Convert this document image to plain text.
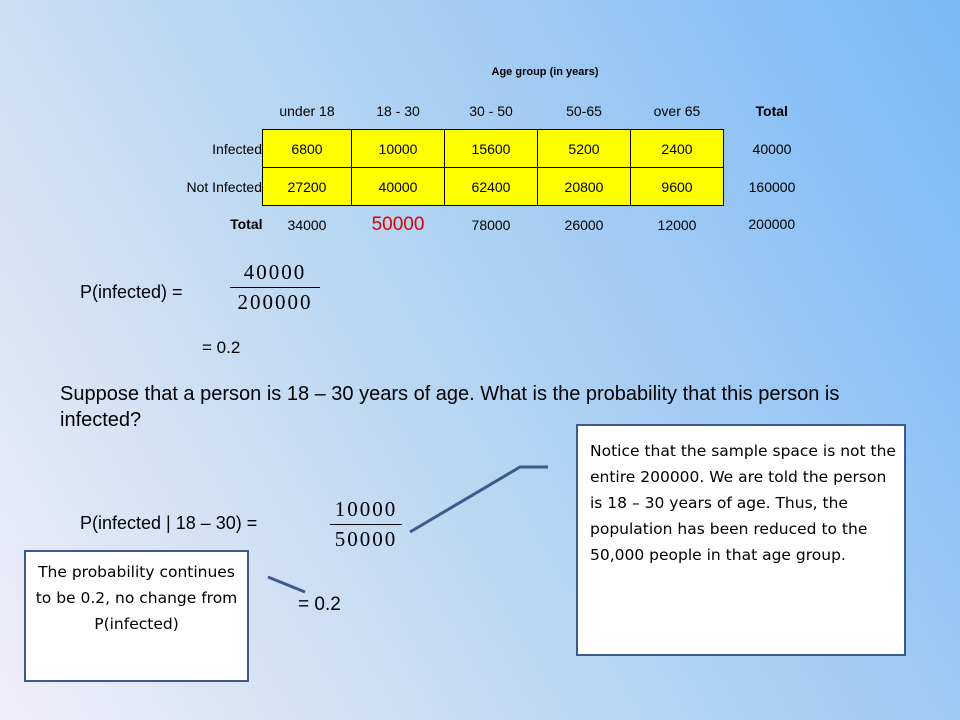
Age group (in years)
	under 18	18 - 30	30 - 50	50-65	over 65	Total
Infected	6800	10000	15600	5200	2400	40000
Not Infected	27200	40000	62400	20800	9600	160000
Total	34000	50000	78000	26000	12000	200000
P(infected) =
40000
200000
= 0.2
Suppose that a person is 18 – 30 years of age. What is the probability that this person is infected?
P(infected | 18 – 30) =
10000
50000
= 0.2
Notice that the sample space is not the entire 200000. We are told the person is 18 – 30 years of age. Thus, the population has been reduced to the 50,000 people in that age group.
The probability continues to be 0.2, no change from P(infected)
